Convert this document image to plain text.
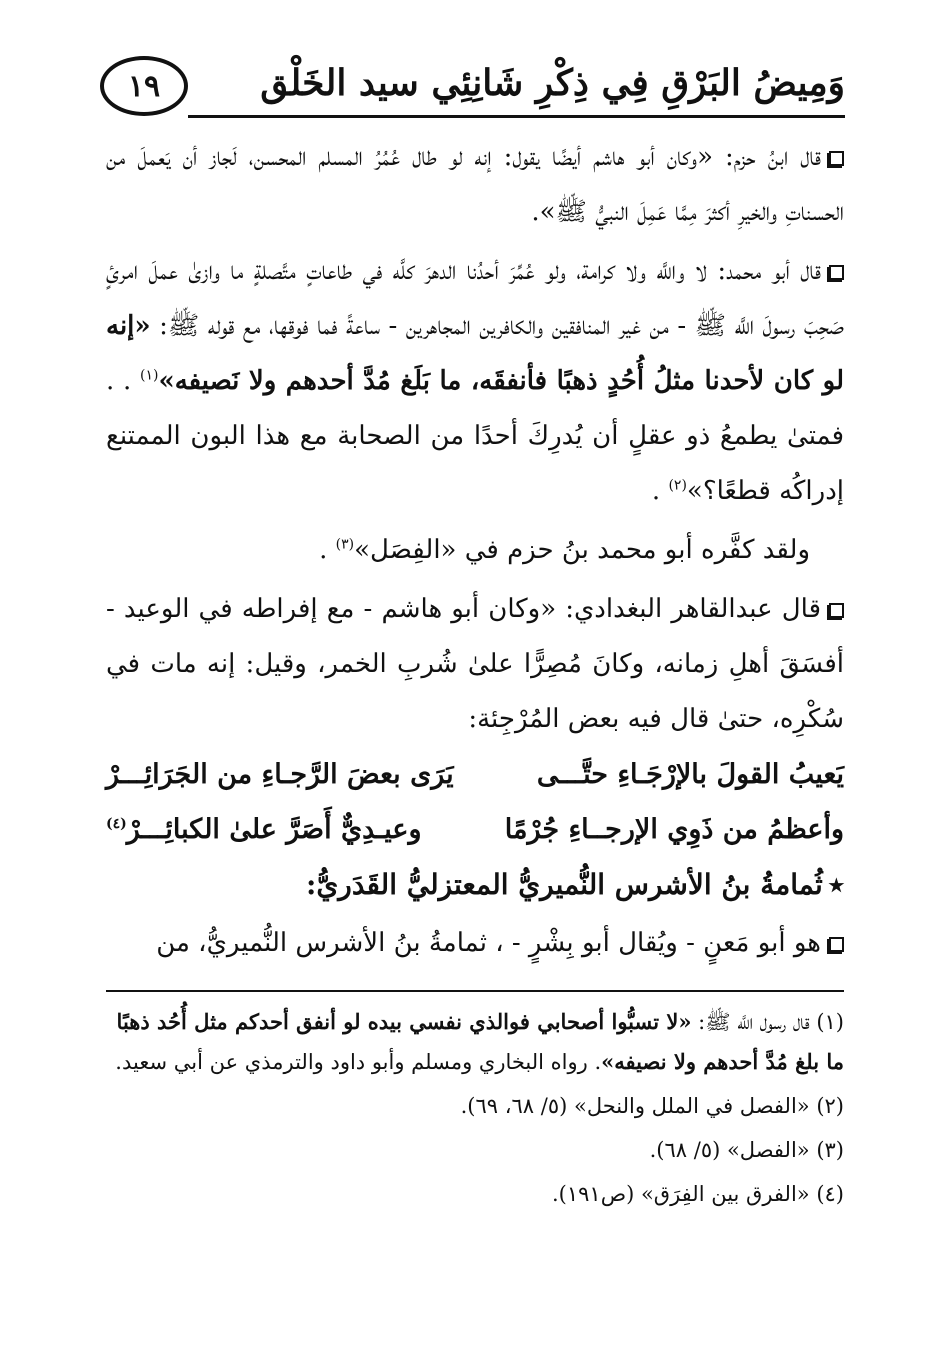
١٩	وَمِيضُ البَرْقِ فِي ذِكْرِ شَانِئِي سيد الخَلْق

قال ابنُ حزم: «وكان أبو هاشم أيضًا يقول: إنه لو طال عُمُرُ المسلم المحسن، لَجاز أن يَعملَ من الحسناتِ والخيرِ أكثرَ مِمَّا عَمِلَ النبيُّ ﷺ».

قال أبو محمد: لا واللَّه ولا كرامة، ولو عُمِّرَ أحدُنا الدهرَ كلَّه في طاعاتٍ متَّصلةٍ ما وازىٰ عملَ امرئٍ صَحِبَ رسولَ اللَّه ﷺ - من غير المنافقين والكافرين المجاهرين - ساعةً فما فوقها، مع قوله ﷺ: «إنه لو كان لأحدنا مثلُ أُحُدٍ ذهبًا فأنفقَه، ما بَلَغ مُدَّ أحدهم ولا نَصيفه»$^{(١)}$ . . فمتىٰ يطمعُ ذو عقلٍ أن يُدرِكَ أحدًا من الصحابة مع هذا البون الممتنع إدراكُه قطعًا؟»$^{(٢)}$ .

ولقد كفَّره أبو محمد بنُ حزم في «الفِصَل»$^{(٣)}$ .

قال عبدالقاهر البغدادي: «وكان أبو هاشم - مع إفراطه في الوعيد - أفسَقَ أهلِ زمانه، وكانَ مُصِرًّا علىٰ شُربِ الخمر، وقيل: إنه مات في سُكْرِه، حتىٰ قال فيه بعض المُرْجِئة:

يَعيبُ القولَ بالإرْجَـاءِ حتَّـــى
يَرَى بعضَ الرَّجـاءِ من الجَرَائِـــرْ
وأعظمُ من ذَوِي الإرجــاءِ جُرْمًا
وعيـدِيٌّ أَصَرَّ علىٰ الكبائِـــرْ$^{(٤)}$

٭ثُمامةُ بنُ الأشرس النُّميريُّ المعتزليُّ القَدَريُّ:

هو أبو مَعنٍ - ويُقال أبو بِشْرٍ - ، ثمامةُ بنُ الأشرس النُّميريُّ، من

(١) قال رسول اللَّه ﷺ: «لا تسبُّوا أصحابي فوالذي نفسي بيده لو أنفق أحدكم مثل أُحُد ذهبًا ما بلغ مُدَّ أحدهم ولا نصيفه». رواه البخاري ومسلم وأبو داود والترمذي عن أبي سعيد.

(٢) «الفصل في الملل والنحل» (٥/ ٦٨، ٦٩).

(٣) «الفصل» (٥/ ٦٨).

(٤) «الفرق بين الفِرَق» (ص١٩١).
